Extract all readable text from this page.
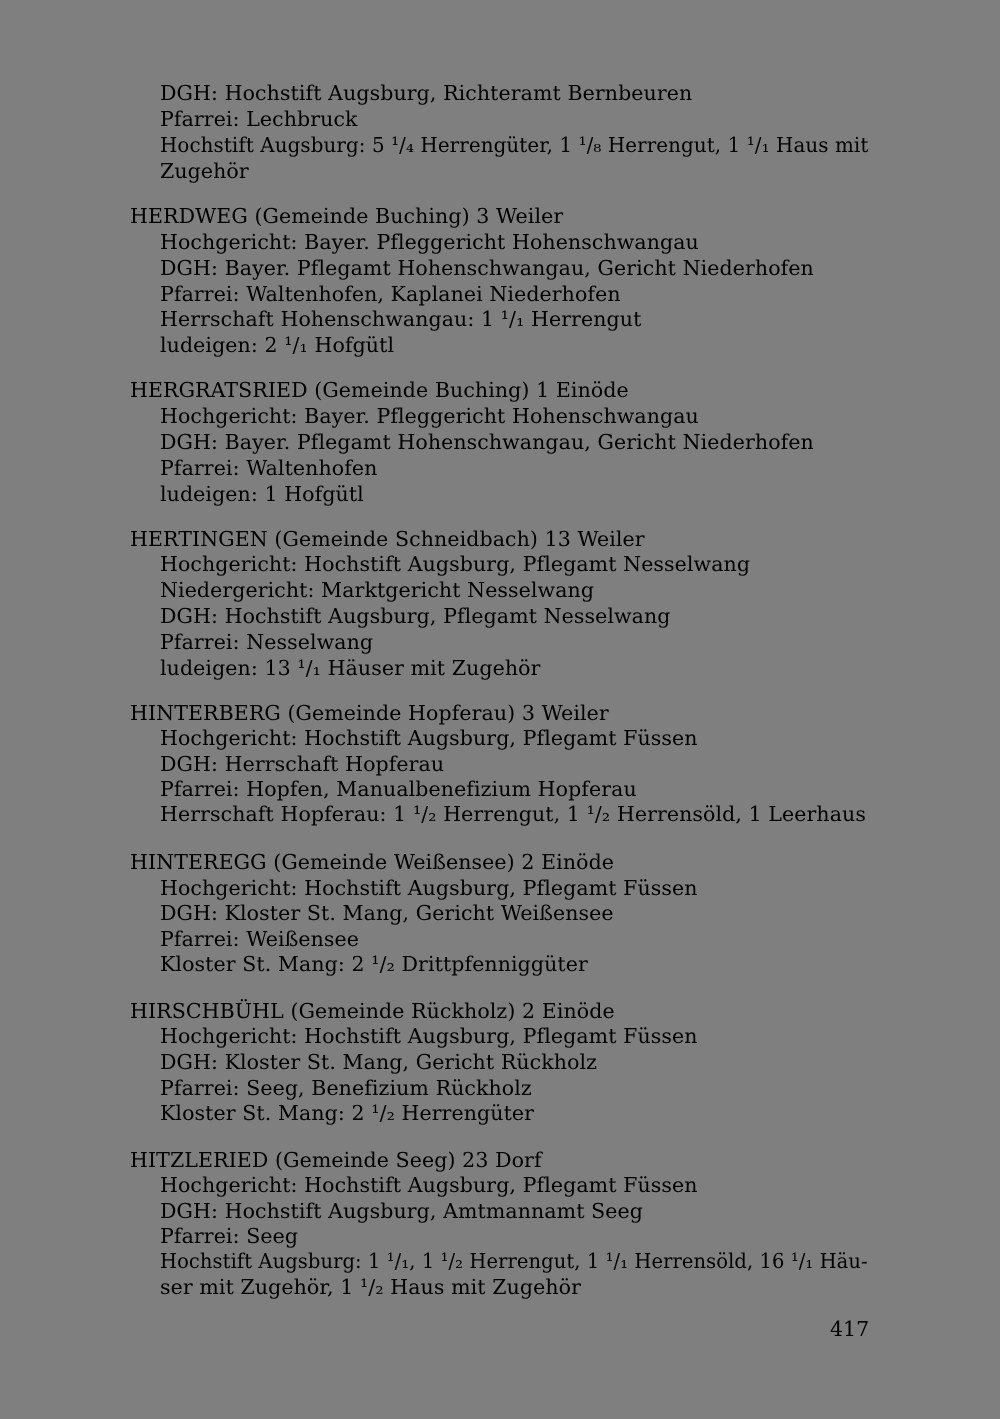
DGH: Hochstift Augsburg, Richteramt Bernbeuren
Pfarrei: Lechbruck
Hochstift Augsburg: 5 ¹/₄ Herrengüter, 1 ¹/₈ Herrengut, 1 ¹/₁ Haus mit
Zugehör
HERDWEG (Gemeinde Buching) 3 Weiler
Hochgericht: Bayer. Pfleggericht Hohenschwangau
DGH: Bayer. Pflegamt Hohenschwangau, Gericht Niederhofen
Pfarrei: Waltenhofen, Kaplanei Niederhofen
Herrschaft Hohenschwangau: 1 ¹/₁ Herrengut
ludeigen: 2 ¹/₁ Hofgütl
HERGRATSRIED (Gemeinde Buching) 1 Einöde
Hochgericht: Bayer. Pfleggericht Hohenschwangau
DGH: Bayer. Pflegamt Hohenschwangau, Gericht Niederhofen
Pfarrei: Waltenhofen
ludeigen: 1 Hofgütl
HERTINGEN (Gemeinde Schneidbach) 13 Weiler
Hochgericht: Hochstift Augsburg, Pflegamt Nesselwang
Niedergericht: Marktgericht Nesselwang
DGH: Hochstift Augsburg, Pflegamt Nesselwang
Pfarrei: Nesselwang
ludeigen: 13 ¹/₁ Häuser mit Zugehör
HINTERBERG (Gemeinde Hopferau) 3 Weiler
Hochgericht: Hochstift Augsburg, Pflegamt Füssen
DGH: Herrschaft Hopferau
Pfarrei: Hopfen, Manualbenefizium Hopferau
Herrschaft Hopferau: 1 ¹/₂ Herrengut, 1 ¹/₂ Herrensöld, 1 Leerhaus
HINTEREGG (Gemeinde Weißensee) 2 Einöde
Hochgericht: Hochstift Augsburg, Pflegamt Füssen
DGH: Kloster St. Mang, Gericht Weißensee
Pfarrei: Weißensee
Kloster St. Mang: 2 ¹/₂ Drittpfenniggüter
HIRSCHBÜHL (Gemeinde Rückholz) 2 Einöde
Hochgericht: Hochstift Augsburg, Pflegamt Füssen
DGH: Kloster St. Mang, Gericht Rückholz
Pfarrei: Seeg, Benefizium Rückholz
Kloster St. Mang: 2 ¹/₂ Herrengüter
HITZLERIED (Gemeinde Seeg) 23 Dorf
Hochgericht: Hochstift Augsburg, Pflegamt Füssen
DGH: Hochstift Augsburg, Amtmannamt Seeg
Pfarrei: Seeg
Hochstift Augsburg: 1 ¹/₁, 1 ¹/₂ Herrengut, 1 ¹/₁ Herrensöld, 16 ¹/₁ Häu-
ser mit Zugehör, 1 ¹/₂ Haus mit Zugehör
417
